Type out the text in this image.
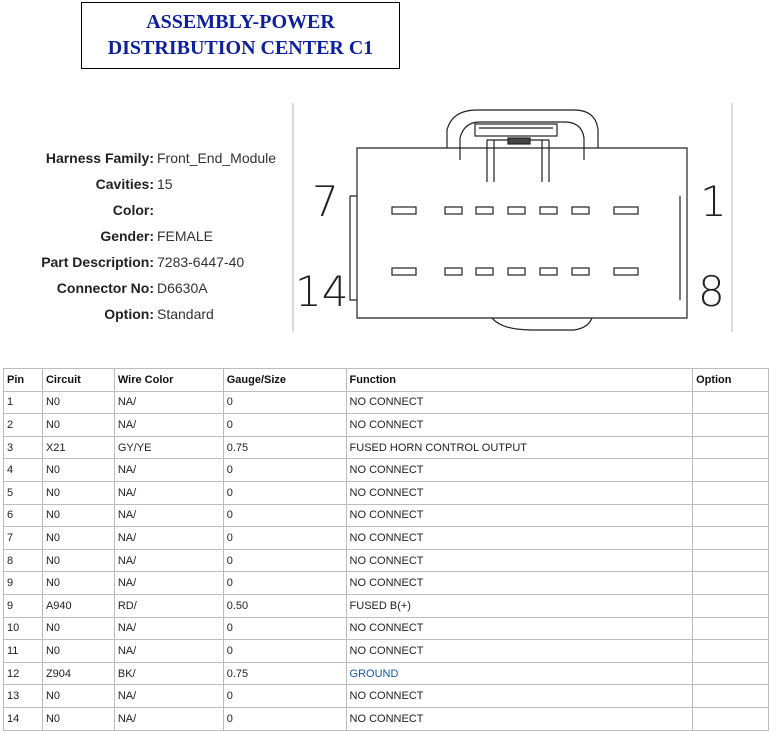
ASSEMBLY-POWER
DISTRIBUTION CENTER C1
Harness Family: Front_End_Module
Cavities: 15
Color:
Gender: FEMALE
Part Description: 7283-6447-40
Connector No: D6630A
Option: Standard
7	1
14	8
Pin	Circuit	Wire Color	Gauge/Size	Function	Option
1	N0	NA/	0	NO CONNECT	
2	N0	NA/	0	NO CONNECT	
3	X21	GY/YE	0.75	FUSED HORN CONTROL OUTPUT	
4	N0	NA/	0	NO CONNECT	
5	N0	NA/	0	NO CONNECT	
6	N0	NA/	0	NO CONNECT	
7	N0	NA/	0	NO CONNECT	
8	N0	NA/	0	NO CONNECT	
9	N0	NA/	0	NO CONNECT	
9	A940	RD/	0.50	FUSED B(+)	
10	N0	NA/	0	NO CONNECT	
11	N0	NA/	0	NO CONNECT	
12	Z904	BK/	0.75	GROUND	
13	N0	NA/	0	NO CONNECT	
14	N0	NA/	0	NO CONNECT	
